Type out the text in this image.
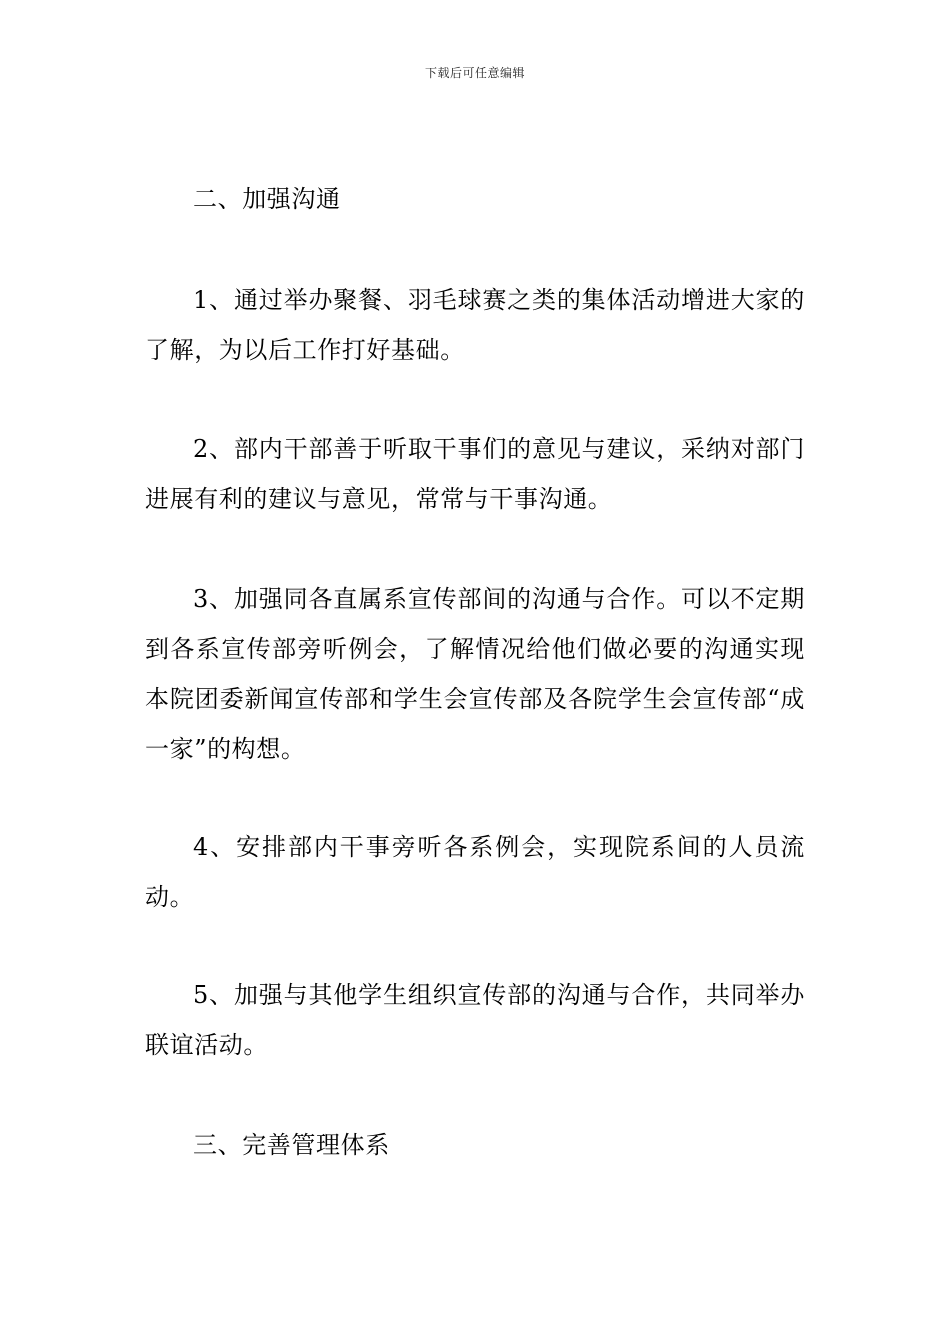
下载后可任意编辑
二、加强沟通
1、通过举办聚餐、羽毛球赛之类的集体活动增进大家的了解，为以后工作打好基础。
2、部内干部善于听取干事们的意见与建议，采纳对部门进展有利的建议与意见，常常与干事沟通。
3、加强同各直属系宣传部间的沟通与合作。可以不定期到各系宣传部旁听例会，了解情况给他们做必要的沟通实现本院团委新闻宣传部和学生会宣传部及各院学生会宣传部“成一家”的构想。
4、安排部内干事旁听各系例会，实现院系间的人员流动。
5、加强与其他学生组织宣传部的沟通与合作，共同举办联谊活动。
三、完善管理体系
